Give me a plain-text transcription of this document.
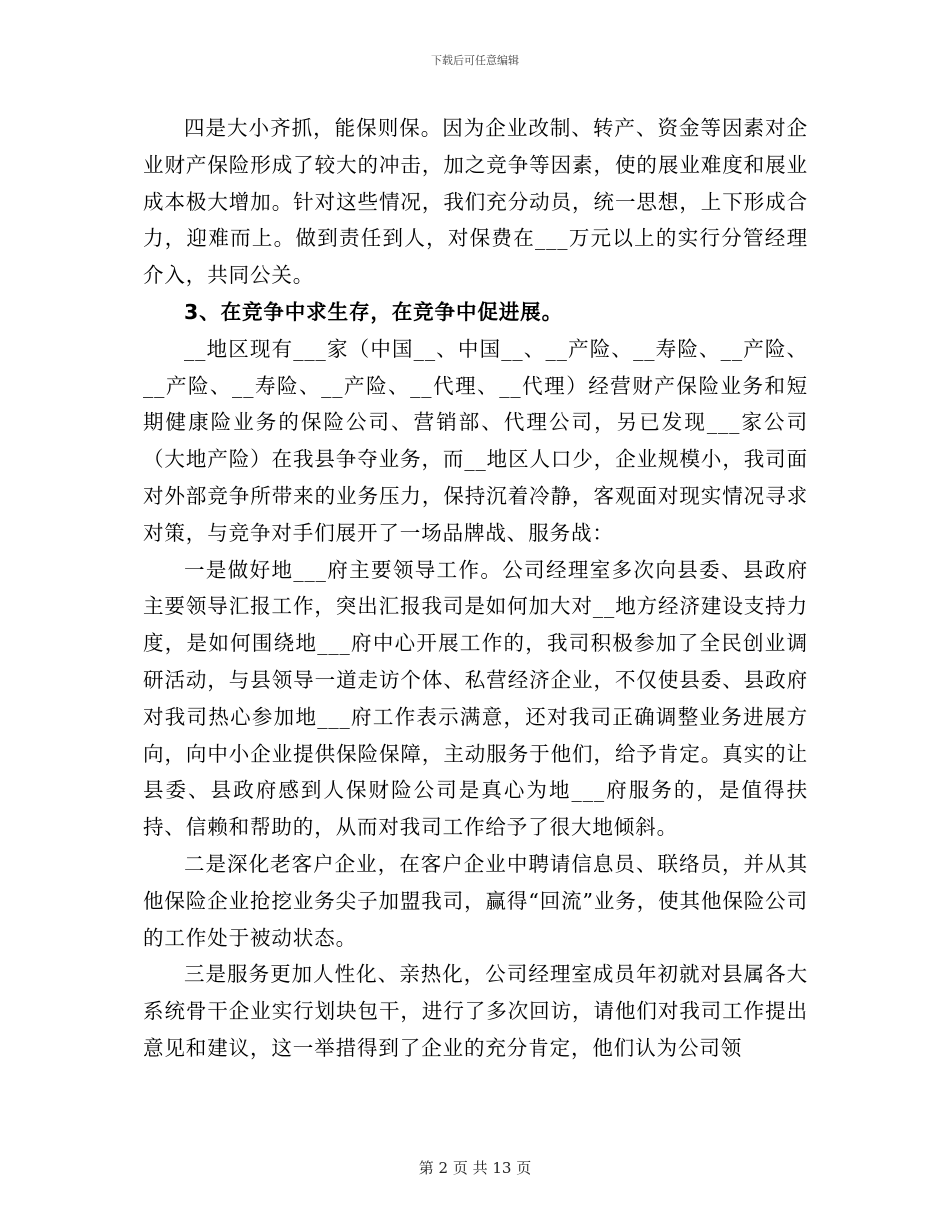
下载后可任意编辑

四是大小齐抓，能保则保。因为企业改制、转产、资金等因素对企业财产保险形成了较大的冲击，加之竞争等因素，使的展业难度和展业成本极大增加。针对这些情况，我们充分动员，统一思想，上下形成合力，迎难而上。做到责任到人，对保费在___万元以上的实行分管经理介入，共同公关。

3、在竞争中求生存，在竞争中促进展。

__地区现有___家（中国__、中国__、__产险、__寿险、__产险、__产险、__寿险、__产险、__代理、__代理）经营财产保险业务和短期健康险业务的保险公司、营销部、代理公司，另已发现___家公司（大地产险）在我县争夺业务，而__地区人口少，企业规模小，我司面对外部竞争所带来的业务压力，保持沉着冷静，客观面对现实情况寻求对策，与竞争对手们展开了一场品牌战、服务战：

一是做好地___府主要领导工作。公司经理室多次向县委、县政府主要领导汇报工作，突出汇报我司是如何加大对__地方经济建设支持力度，是如何围绕地___府中心开展工作的，我司积极参加了全民创业调研活动，与县领导一道走访个体、私营经济企业，不仅使县委、县政府对我司热心参加地___府工作表示满意，还对我司正确调整业务进展方向，向中小企业提供保险保障，主动服务于他们，给予肯定。真实的让县委、县政府感到人保财险公司是真心为地___府服务的，是值得扶持、信赖和帮助的，从而对我司工作给予了很大地倾斜。

二是深化老客户企业，在客户企业中聘请信息员、联络员，并从其他保险企业抢挖业务尖子加盟我司，赢得“回流”业务，使其他保险公司的工作处于被动状态。

三是服务更加人性化、亲热化，公司经理室成员年初就对县属各大系统骨干企业实行划块包干，进行了多次回访，请他们对我司工作提出意见和建议，这一举措得到了企业的充分肯定，他们认为公司领

第 2 页 共 13 页
